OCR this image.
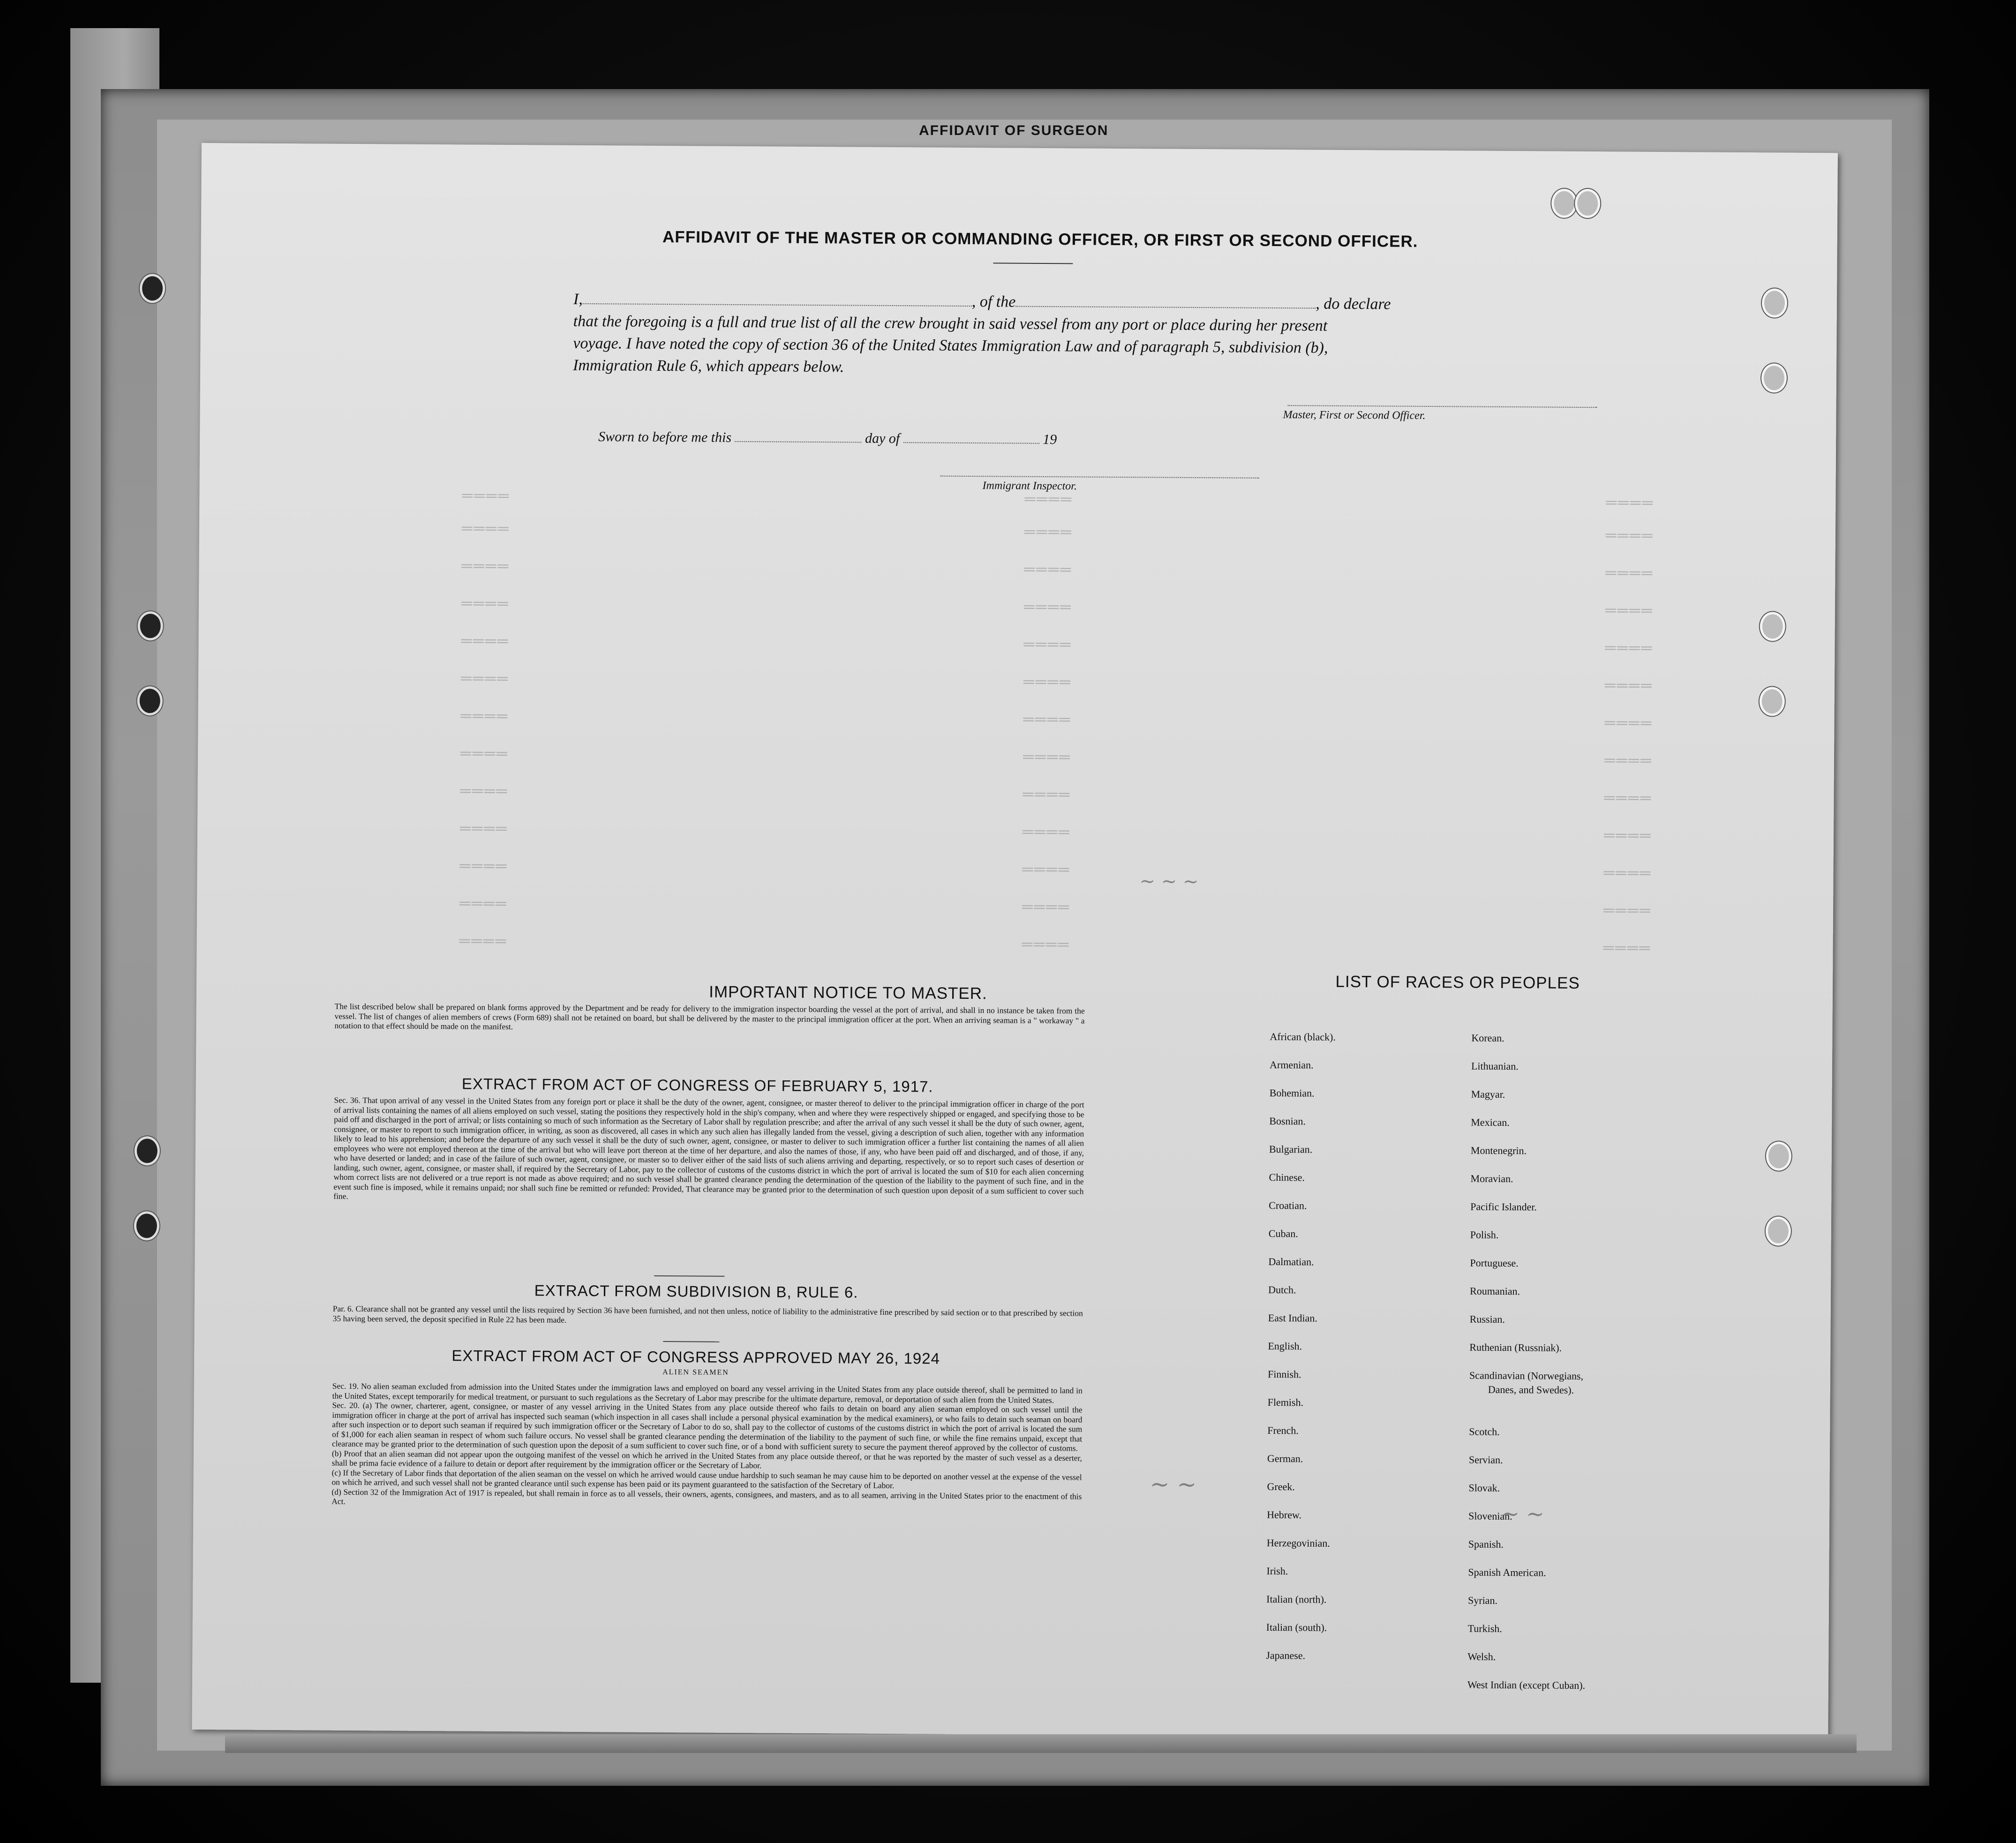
AFFIDAVIT OF SURGEON
════	════	════
════	════	════
════	════	════
════	════	════
════	════	════
════	════	════
════	════	════
════	════	════
════	════	════
════	════	════
════	════	════
════	════	════
════	════	════
AFFIDAVIT OF THE MASTER OR COMMANDING OFFICER, OR FIRST OR SECOND OFFICER.
I,	, of the	, do declare
that the foregoing is a full and true list of all the crew brought in said vessel from any port or place during her present
voyage. I have noted the copy of section 36 of the United States Immigration Law and of paragraph 5, subdivision (b),
Immigration Rule 6, which appears below.
Master, First or Second Officer.
Sworn to before me this	day of	19
Immigrant Inspector.
IMPORTANT NOTICE TO MASTER.
The list described below shall be prepared on blank forms approved by the Department and be ready for delivery to the immigration inspector boarding the vessel at the port of arrival, and shall in no instance be taken from the vessel. The list of changes of alien members of crews (Form 689) shall not be retained on board, but shall be delivered by the master to the principal immigration officer at the port. When an arriving seaman is a " workaway " a notation to that effect should be made on the manifest.
EXTRACT FROM ACT OF CONGRESS OF FEBRUARY 5, 1917.
Sec. 36. That upon arrival of any vessel in the United States from any foreign port or place it shall be the duty of the owner, agent, consignee, or master thereof to deliver to the principal immigration officer in charge of the port of arrival lists containing the names of all aliens employed on such vessel, stating the positions they respectively hold in the ship's company, when and where they were respectively shipped or engaged, and specifying those to be paid off and discharged in the port of arrival; or lists containing so much of such information as the Secretary of Labor shall by regulation prescribe; and after the arrival of any such vessel it shall be the duty of such owner, agent, consignee, or master to report to such immigration officer, in writing, as soon as discovered, all cases in which any such alien has illegally landed from the vessel, giving a description of such alien, together with any information likely to lead to his apprehension; and before the departure of any such vessel it shall be the duty of such owner, agent, consignee, or master to deliver to such immigration officer a further list containing the names of all alien employees who were not employed thereon at the time of the arrival but who will leave port thereon at the time of her departure, and also the names of those, if any, who have been paid off and discharged, and of those, if any, who have deserted or landed; and in case of the failure of such owner, agent, consignee, or master so to deliver either of the said lists of such aliens arriving and departing, respectively, or so to report such cases of desertion or landing, such owner, agent, consignee, or master shall, if required by the Secretary of Labor, pay to the collector of customs of the customs district in which the port of arrival is located the sum of $10 for each alien concerning whom correct lists are not delivered or a true report is not made as above required; and no such vessel shall be granted clearance pending the determination of the question of the liability to the payment of such fine, and in the event such fine is imposed, while it remains unpaid; nor shall such fine be remitted or refunded: Provided, That clearance may be granted prior to the determination of such question upon deposit of a sum sufficient to cover such fine.
EXTRACT FROM SUBDIVISION B, RULE 6.
Par. 6. Clearance shall not be granted any vessel until the lists required by Section 36 have been furnished, and not then unless, notice of liability to the administrative fine prescribed by said section or to that prescribed by section 35 having been served, the deposit specified in Rule 22 has been made.
EXTRACT FROM ACT OF CONGRESS APPROVED MAY 26, 1924
ALIEN SEAMEN
Sec. 19. No alien seaman excluded from admission into the United States under the immigration laws and employed on board any vessel arriving in the United States from any place outside thereof, shall be permitted to land in the United States, except temporarily for medical treatment, or pursuant to such regulations as the Secretary of Labor may prescribe for the ultimate departure, removal, or deportation of such alien from the United States.
Sec. 20. (a) The owner, charterer, agent, consignee, or master of any vessel arriving in the United States from any place outside thereof who fails to detain on board any alien seaman employed on such vessel until the immigration officer in charge at the port of arrival has inspected such seaman (which inspection in all cases shall include a personal physical examination by the medical examiners), or who fails to detain such seaman on board after such inspection or to deport such seaman if required by such immigration officer or the Secretary of Labor to do so, shall pay to the collector of customs of the customs district in which the port of arrival is located the sum of $1,000 for each alien seaman in respect of whom such failure occurs. No vessel shall be granted clearance pending the determination of the liability to the payment of such fine, or while the fine remains unpaid, except that clearance may be granted prior to the determination of such question upon the deposit of a sum sufficient to cover such fine, or of a bond with sufficient surety to secure the payment thereof approved by the collector of customs.
(b) Proof that an alien seaman did not appear upon the outgoing manifest of the vessel on which he arrived in the United States from any place outside thereof, or that he was reported by the master of such vessel as a deserter, shall be prima facie evidence of a failure to detain or deport after requirement by the immigration officer or the Secretary of Labor.
(c) If the Secretary of Labor finds that deportation of the alien seaman on the vessel on which he arrived would cause undue hardship to such seaman he may cause him to be deported on another vessel at the expense of the vessel on which he arrived, and such vessel shall not be granted clearance until such expense has been paid or its payment guaranteed to the satisfaction of the Secretary of Labor.
(d) Section 32 of the Immigration Act of 1917 is repealed, but shall remain in force as to all vessels, their owners, agents, consignees, and masters, and as to all seamen, arriving in the United States prior to the enactment of this Act.
LIST OF RACES OR PEOPLES
African (black).
Armenian.
Bohemian.
Bosnian.
Bulgarian.
Chinese.
Croatian.
Cuban.
Dalmatian.
Dutch.
East Indian.
English.
Finnish.
Flemish.
French.
German.
Greek.
Hebrew.
Herzegovinian.
Irish.
Italian (north).
Italian (south).
Japanese.
Korean.
Lithuanian.
Magyar.
Mexican.
Montenegrin.
Moravian.
Pacific Islander.
Polish.
Portuguese.
Roumanian.
Russian.
Ruthenian (Russniak).
Scandinavian (Norwegians,
Danes, and Swedes).
Scotch.
Servian.
Slovak.
Slovenian.
Spanish.
Spanish American.
Syrian.
Turkish.
Welsh.
West Indian (except Cuban).
~ ~ ~
~ ~
~ ~
